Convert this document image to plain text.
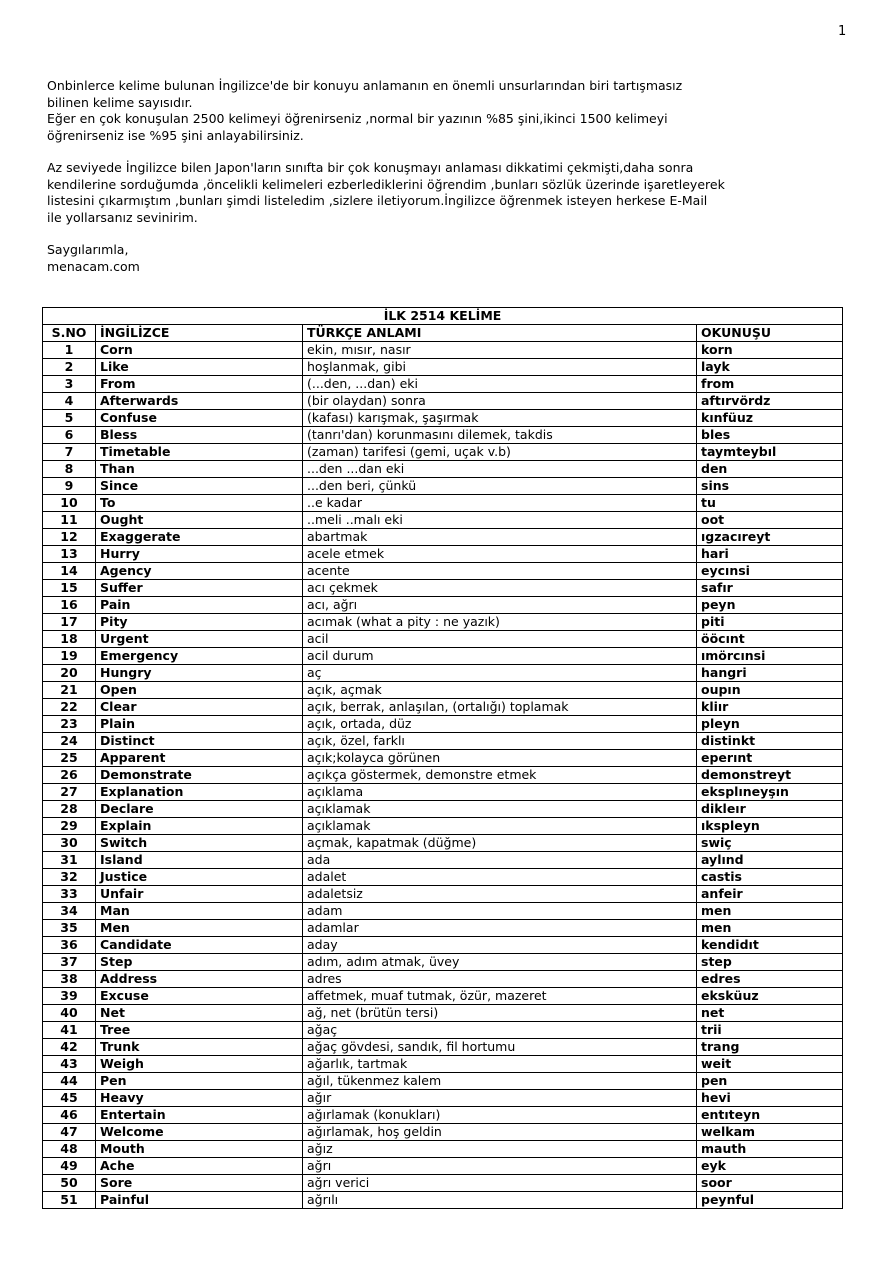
1

Onbinlerce kelime bulunan İngilizce'de bir konuyu anlamanın en önemli unsurlarından biri tartışmasız
bilinen kelime sayısıdır.
Eğer en çok konuşulan 2500 kelimeyi öğrenirseniz ,normal bir yazının %85 şini,ikinci 1500 kelimeyi
öğrenirseniz ise %95 şini anlayabilirsiniz.

Az seviyede İngilizce bilen Japon'ların sınıfta bir çok konuşmayı anlaması dikkatimi çekmişti,daha sonra
kendilerine sorduğumda ,öncelikli kelimeleri ezberlediklerini öğrendim ,bunları sözlük üzerinde işaretleyerek
listesini çıkarmıştım ,bunları şimdi listeledim ,sizlere iletiyorum.İngilizce öğrenmek isteyen herkese E-Mail
ile yollarsanız sevinirim.

Saygılarımla,
menacam.com

İLK 2514 KELİME			
S.NO	İNGİLİZCE	TÜRKÇE ANLAMI	OKUNUŞU
1	Corn	ekin, mısır, nasır	korn
2	Like	hoşlanmak, gibi	layk
3	From	(...den, ...dan) eki	from
4	Afterwards	(bir olaydan) sonra	aftırvördz
5	Confuse	(kafası) karışmak, şaşırmak	kınfüuz
6	Bless	(tanrı'dan) korunmasını dilemek, takdis	bles
7	Timetable	(zaman) tarifesi (gemi, uçak v.b)	taymteybıl
8	Than	...den ...dan eki	den
9	Since	...den beri, çünkü	sins
10	To	..e kadar	tu
11	Ought	..meli ..malı eki	oot
12	Exaggerate	abartmak	ıgzacıreyt
13	Hurry	acele etmek	hari
14	Agency	acente	eycınsi
15	Suffer	acı çekmek	safır
16	Pain	acı, ağrı	peyn
17	Pity	acımak (what a pity : ne yazık)	piti
18	Urgent	acil	ööcınt
19	Emergency	acil durum	ımörcınsi
20	Hungry	aç	hangri
21	Open	açık, açmak	oupın
22	Clear	açık, berrak, anlaşılan, (ortalığı) toplamak	kliır
23	Plain	açık, ortada, düz	pleyn
24	Distinct	açık, özel, farklı	distinkt
25	Apparent	açık;kolayca görünen	eperınt
26	Demonstrate	açıkça göstermek, demonstre etmek	demonstreyt
27	Explanation	açıklama	eksplıneyşın
28	Declare	açıklamak	dikleır
29	Explain	açıklamak	ıkspleyn
30	Switch	açmak, kapatmak (düğme)	swiç
31	Island	ada	aylınd
32	Justice	adalet	castis
33	Unfair	adaletsiz	anfeir
34	Man	adam	men
35	Men	adamlar	men
36	Candidate	aday	kendidıt
37	Step	adım, adım atmak, üvey	step
38	Address	adres	edres
39	Excuse	affetmek, muaf tutmak, özür, mazeret	eksküuz
40	Net	ağ, net (brütün tersi)	net
41	Tree	ağaç	trii
42	Trunk	ağaç gövdesi, sandık, fil hortumu	trang
43	Weigh	ağarlık, tartmak	weit
44	Pen	ağıl, tükenmez kalem	pen
45	Heavy	ağır	hevi
46	Entertain	ağırlamak (konukları)	entıteyn
47	Welcome	ağırlamak, hoş geldin	welkam
48	Mouth	ağız	mauth
49	Ache	ağrı	eyk
50	Sore	ağrı verici	soor
51	Painful	ağrılı	peynful
